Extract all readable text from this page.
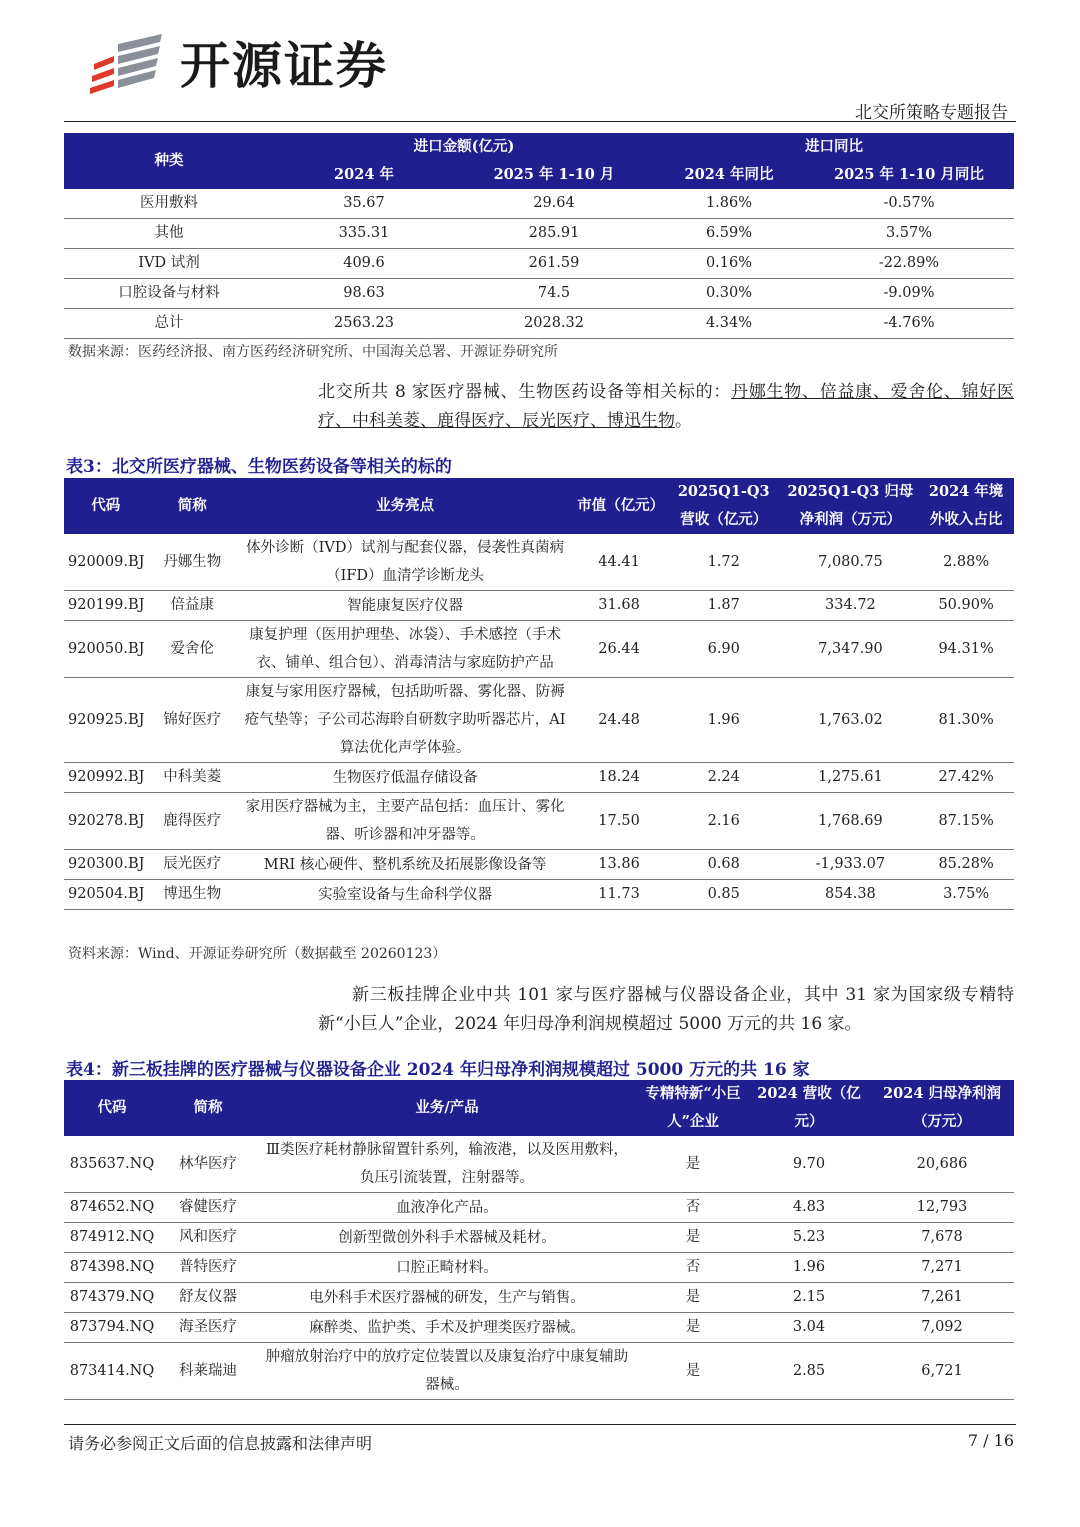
开源证券
北交所策略专题报告
种类	进口金额(亿元)		进口同比	
	2024 年	2025 年 1-10 月	2024 年同比	2025 年 1-10 月同比
医用敷料	35.67	29.64	1.86%	-0.57%
其他	335.31	285.91	6.59%	3.57%
IVD 试剂	409.6	261.59	0.16%	-22.89%
口腔设备与材料	98.63	74.5	0.30%	-9.09%
总计	2563.23	2028.32	4.34%	-4.76%
数据来源：医药经济报、南方医药经济研究所、中国海关总署、开源证券研究所
北交所共 8 家医疗器械、生物医药设备等相关标的：丹娜生物、倍益康、爱舍伦、锦好医疗、中科美菱、鹿得医疗、辰光医疗、博迅生物。
表3：北交所医疗器械、生物医药设备等相关的标的
代码	简称	业务亮点	市值（亿元）	2025Q1-Q3 营收（亿元）	2025Q1-Q3 归母净利润（万元）	2024 年境外收入占比
920009.BJ	丹娜生物	体外诊断（IVD）试剂与配套仪器，侵袭性真菌病（IFD）血清学诊断龙头	44.41	1.72	7,080.75	2.88%
920199.BJ	倍益康	智能康复医疗仪器	31.68	1.87	334.72	50.90%
920050.BJ	爱舍伦	康复护理（医用护理垫、冰袋）、手术感控（手术衣、铺单、组合包）、消毒清洁与家庭防护产品	26.44	6.90	7,347.90	94.31%
920925.BJ	锦好医疗	康复与家用医疗器械，包括助听器、雾化器、防褥疮气垫等；子公司芯海聆自研数字助听器芯片，AI 算法优化声学体验。	24.48	1.96	1,763.02	81.30%
920992.BJ	中科美菱	生物医疗低温存储设备	18.24	2.24	1,275.61	27.42%
920278.BJ	鹿得医疗	家用医疗器械为主，主要产品包括：血压计、雾化器、听诊器和冲牙器等。	17.50	2.16	1,768.69	87.15%
920300.BJ	辰光医疗	MRI 核心硬件、整机系统及拓展影像设备等	13.86	0.68	-1,933.07	85.28%
920504.BJ	博迅生物	实验室设备与生命科学仪器	11.73	0.85	854.38	3.75%
资料来源：Wind、开源证券研究所（数据截至 20260123）
新三板挂牌企业中共 101 家与医疗器械与仪器设备企业，其中 31 家为国家级专精特新“小巨人”企业，2024 年归母净利润规模超过 5000 万元的共 16 家。
表4：新三板挂牌的医疗器械与仪器设备企业 2024 年归母净利润规模超过 5000 万元的共 16 家
代码	简称	业务/产品	专精特新“小巨人”企业	2024 营收（亿元）	2024 归母净利润（万元）
835637.NQ	林华医疗	Ⅲ类医疗耗材静脉留置针系列，输液港，以及医用敷料，负压引流装置，注射器等。	是	9.70	20,686
874652.NQ	睿健医疗	血液净化产品。	否	4.83	12,793
874912.NQ	风和医疗	创新型微创外科手术器械及耗材。	是	5.23	7,678
874398.NQ	普特医疗	口腔正畸材料。	否	1.96	7,271
874379.NQ	舒友仪器	电外科手术医疗器械的研发，生产与销售。	是	2.15	7,261
873794.NQ	海圣医疗	麻醉类、监护类、手术及护理类医疗器械。	是	3.04	7,092
873414.NQ	科莱瑞迪	肿瘤放射治疗中的放疗定位装置以及康复治疗中康复辅助器械。	是	2.85	6,721
请务必参阅正文后面的信息披露和法律声明	7 / 16
